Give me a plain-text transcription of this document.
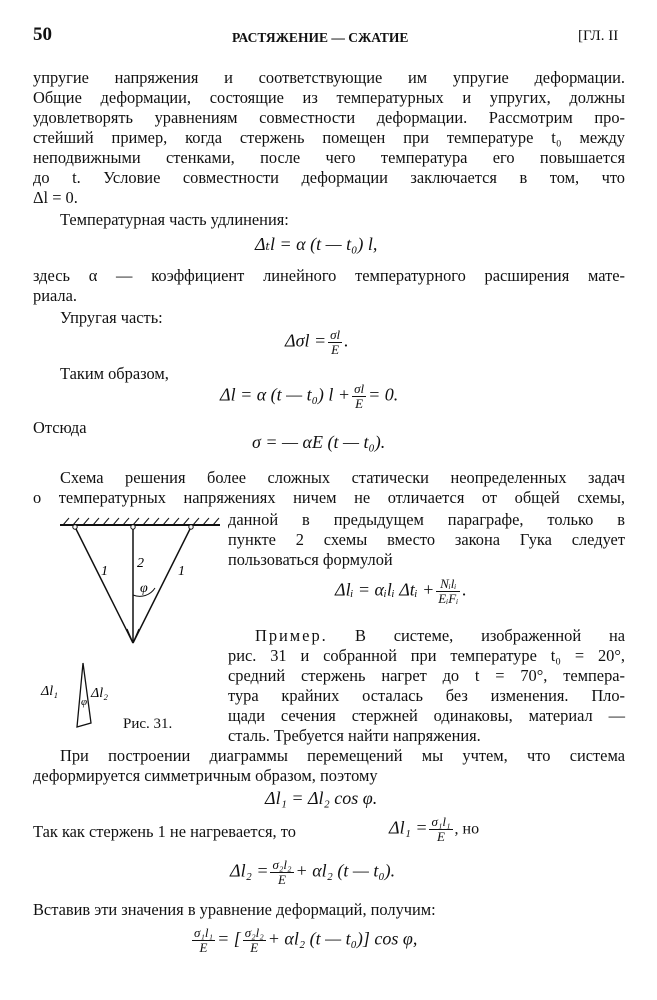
50	РАСТЯЖЕНИЕ — СЖАТИЕ	[ГЛ. II
упругие напряжения и соответствующие им упругие деформации.
Общие деформации, состоящие из температурных и упругих, должны
удовлетворять уравнениям совместности деформации. Рассмотрим про-
стейший пример, когда стержень помещен при температуре t₀ между
неподвижными стенками, после чего температура его повышается
до t. Условие совместности деформации заключается в том, что
Δl = 0.
Температурная часть удлинения:
Δₜl = α (t — t₀) l,
здесь α — коэффициент линейного температурного расширения мате-
риала.
Упругая часть:
$\Delta\sigma l = \frac{\sigma l}{E}$ .
Таким образом,
Δl = α (t — t₀) $l + \frac{\sigma l}{E} = 0$.
Отсюда
σ = — αE (t — t₀).
Схема решения более сложных статически неопределенных задач
о температурных напряжениях ничем не отличается от общей схемы,
данной в предыдущем параграфе, только в
пункте 2 схемы вместо закона Гука следует
пользоваться формулой
Δlᵢ = αᵢlᵢ Δtᵢ + $\frac{\text{Nᵢlᵢ}}{\text{EᵢFᵢ}}$ .
Пример. В системе, изображенной на
рис. 31 и собранной при температуре t₀ = 20°,
средний стержень нагрет до t = 70°, темпера-
тура крайних осталась без изменения. Пло-
щади сечения стержней одинаковы, материал —
сталь. Требуется найти напряжения.
1
2
1
φ
Δl₁ Δl₂
φ
Рис. 31.
При построении диаграммы перемещений мы учтем, что система
деформируется симметричным образом, поэтому
Δl₁ = Δl₂ cos φ.
Так как стержень 1 не нагревается, то	$\Delta l_1 = \frac{\text{σ₁l₁}}{E}$ , но
$\Delta l_2 = \frac{\text{σ₂l₂}}{E} + \alpha l_2$ (t — t₀).
Вставив эти значения в уравнение деформаций, получим:
$\frac{\text{σ₁l₁}}{E}$ = [ $\frac{\text{σ₂l₂}}{E} + \alpha l_2$ (t — t₀)] cos φ,
